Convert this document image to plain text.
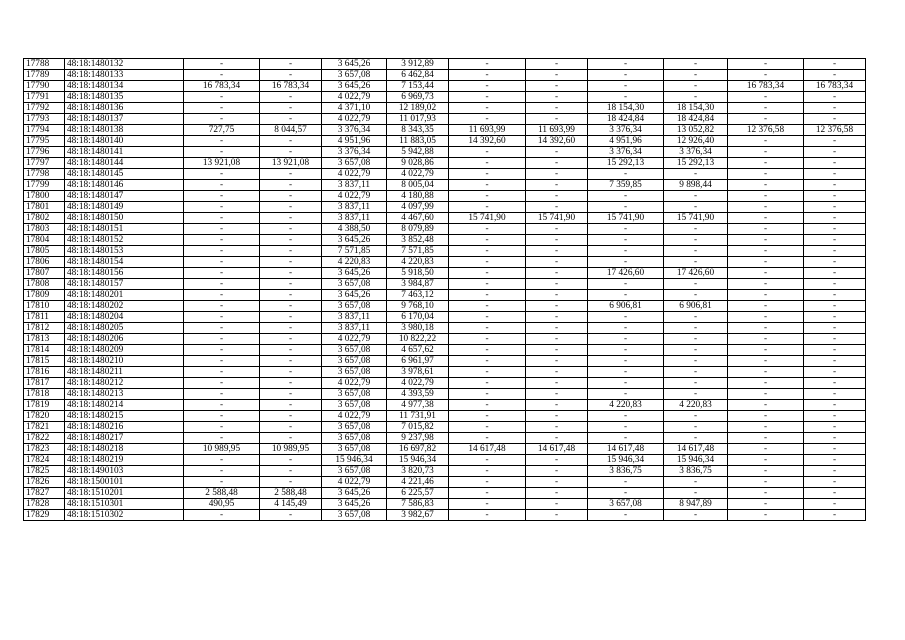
17788	48:18:1480132	-	-	3 645,26	3 912,89	-	-	-	-	-	-
17789	48:18:1480133	-	-	3 657,08	6 462,84	-	-	-	-	-	-
17790	48:18:1480134	16 783,34	16 783,34	3 645,26	7 153,44	-	-	-	-	16 783,34	16 783,34
17791	48:18:1480135	-	-	4 022,79	6 969,73	-	-	-	-	-	-
17792	48:18:1480136	-	-	4 371,10	12 189,02	-	-	18 154,30	18 154,30	-	-
17793	48:18:1480137	-	-	4 022,79	11 017,93	-	-	18 424,84	18 424,84	-	-
17794	48:18:1480138	727,75	8 044,57	3 376,34	8 343,35	11 693,99	11 693,99	3 376,34	13 052,82	12 376,58	12 376,58
17795	48:18:1480140	-	-	4 951,96	11 883,05	14 392,60	14 392,60	4 951,96	12 926,40	-	-
17796	48:18:1480141	-	-	3 376,34	5 942,88	-	-	3 376,34	3 376,34	-	-
17797	48:18:1480144	13 921,08	13 921,08	3 657,08	9 028,86	-	-	15 292,13	15 292,13	-	-
17798	48:18:1480145	-	-	4 022,79	4 022,79	-	-	-	-	-	-
17799	48:18:1480146	-	-	3 837,11	8 005,04	-	-	7 359,85	9 898,44	-	-
17800	48:18:1480147	-	-	4 022,79	4 180,88	-	-	-	-	-	-
17801	48:18:1480149	-	-	3 837,11	4 097,99	-	-	-	-	-	-
17802	48:18:1480150	-	-	3 837,11	4 467,60	15 741,90	15 741,90	15 741,90	15 741,90	-	-
17803	48:18:1480151	-	-	4 388,50	8 079,89	-	-	-	-	-	-
17804	48:18:1480152	-	-	3 645,26	3 852,48	-	-	-	-	-	-
17805	48:18:1480153	-	-	7 571,85	7 571,85	-	-	-	-	-	-
17806	48:18:1480154	-	-	4 220,83	4 220,83	-	-	-	-	-	-
17807	48:18:1480156	-	-	3 645,26	5 918,50	-	-	17 426,60	17 426,60	-	-
17808	48:18:1480157	-	-	3 657,08	3 984,87	-	-	-	-	-	-
17809	48:18:1480201	-	-	3 645,26	7 463,12	-	-	-	-	-	-
17810	48:18:1480202	-	-	3 657,08	9 768,10	-	-	6 906,81	6 906,81	-	-
17811	48:18:1480204	-	-	3 837,11	6 170,04	-	-	-	-	-	-
17812	48:18:1480205	-	-	3 837,11	3 980,18	-	-	-	-	-	-
17813	48:18:1480206	-	-	4 022,79	10 822,22	-	-	-	-	-	-
17814	48:18:1480209	-	-	3 657,08	4 657,62	-	-	-	-	-	-
17815	48:18:1480210	-	-	3 657,08	6 961,97	-	-	-	-	-	-
17816	48:18:1480211	-	-	3 657,08	3 978,61	-	-	-	-	-	-
17817	48:18:1480212	-	-	4 022,79	4 022,79	-	-	-	-	-	-
17818	48:18:1480213	-	-	3 657,08	4 393,59	-	-	-	-	-	-
17819	48:18:1480214	-	-	3 657,08	4 977,38	-	-	4 220,83	4 220,83	-	-
17820	48:18:1480215	-	-	4 022,79	11 731,91	-	-	-	-	-	-
17821	48:18:1480216	-	-	3 657,08	7 015,82	-	-	-	-	-	-
17822	48:18:1480217	-	-	3 657,08	9 237,98	-	-	-	-	-	-
17823	48:18:1480218	10 989,95	10 989,95	3 657,08	16 697,82	14 617,48	14 617,48	14 617,48	14 617,48	-	-
17824	48:18:1480219	-	-	15 946,34	15 946,34	-	-	15 946,34	15 946,34	-	-
17825	48:18:1490103	-	-	3 657,08	3 820,73	-	-	3 836,75	3 836,75	-	-
17826	48:18:1500101	-	-	4 022,79	4 221,46	-	-	-	-	-	-
17827	48:18:1510201	2 588,48	2 588,48	3 645,26	6 225,57	-	-	-	-	-	-
17828	48:18:1510301	490,95	4 145,49	3 645,26	7 586,83	-	-	3 657,08	8 947,89	-	-
17829	48:18:1510302	-	-	3 657,08	3 982,67	-	-	-	-	-	-
